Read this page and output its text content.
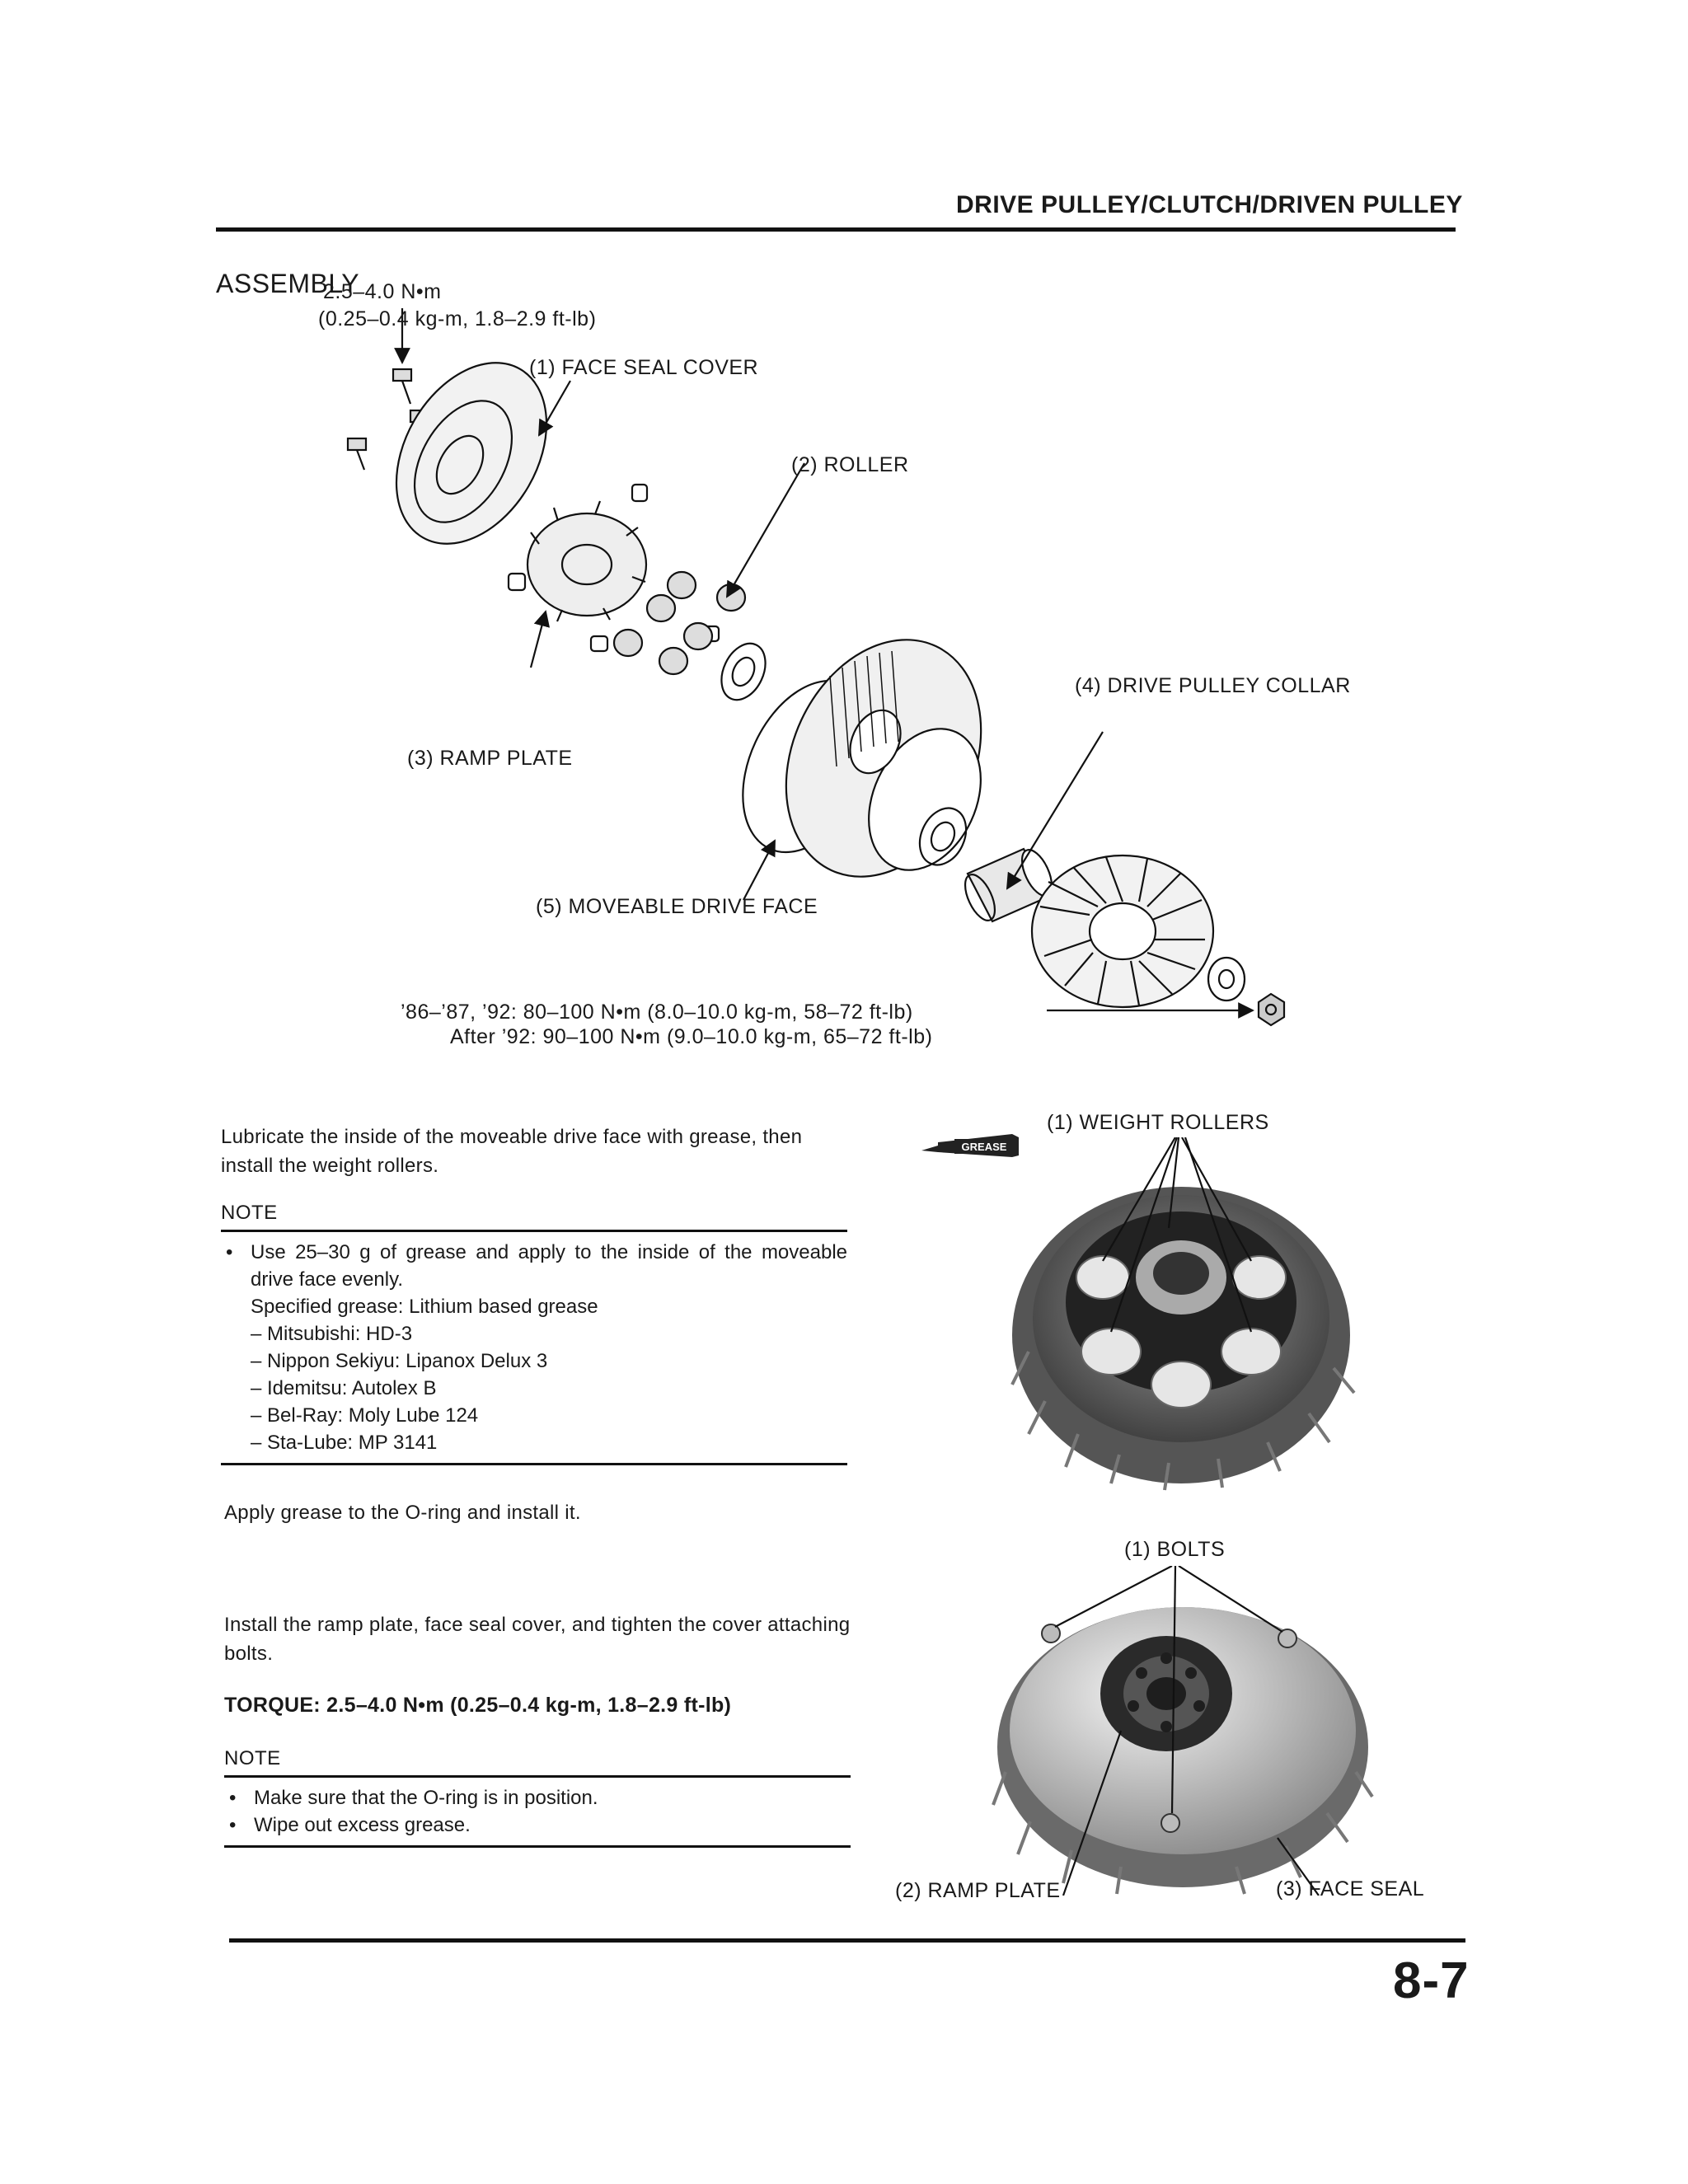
DRIVE PULLEY/CLUTCH/DRIVEN PULLEY
ASSEMBLY
2.5–4.0 N•m
(0.25–0.4 kg-m, 1.8–2.9 ft-lb)
(1) FACE SEAL COVER
(2) ROLLER
(4) DRIVE PULLEY COLLAR
(3) RAMP PLATE
(5) MOVEABLE DRIVE FACE
’86–’87, ’92: 80–100 N•m (8.0–10.0 kg-m, 58–72 ft-lb)
After ’92: 90–100 N•m (9.0–10.0 kg-m, 65–72 ft-lb)
Lubricate the inside of the moveable drive face with grease, then install the weight rollers.
NOTE
• Use 25–30 g of grease and apply to the inside of the moveable drive face evenly.
Specified grease: Lithium based grease
– Mitsubishi: HD-3
– Nippon Sekiyu: Lipanox Delux 3
– Idemitsu: Autolex B
– Bel-Ray: Moly Lube 124
– Sta-Lube: MP 3141
GREASE
(1) WEIGHT ROLLERS
Apply grease to the O-ring and install it.
Install the ramp plate, face seal cover, and tighten the cover attaching bolts.
TORQUE: 2.5–4.0 N•m (0.25–0.4 kg-m, 1.8–2.9 ft-lb)
NOTE
• Make sure that the O-ring is in position.
• Wipe out excess grease.
(1) BOLTS
(2) RAMP PLATE	(3) FACE SEAL
8-7
